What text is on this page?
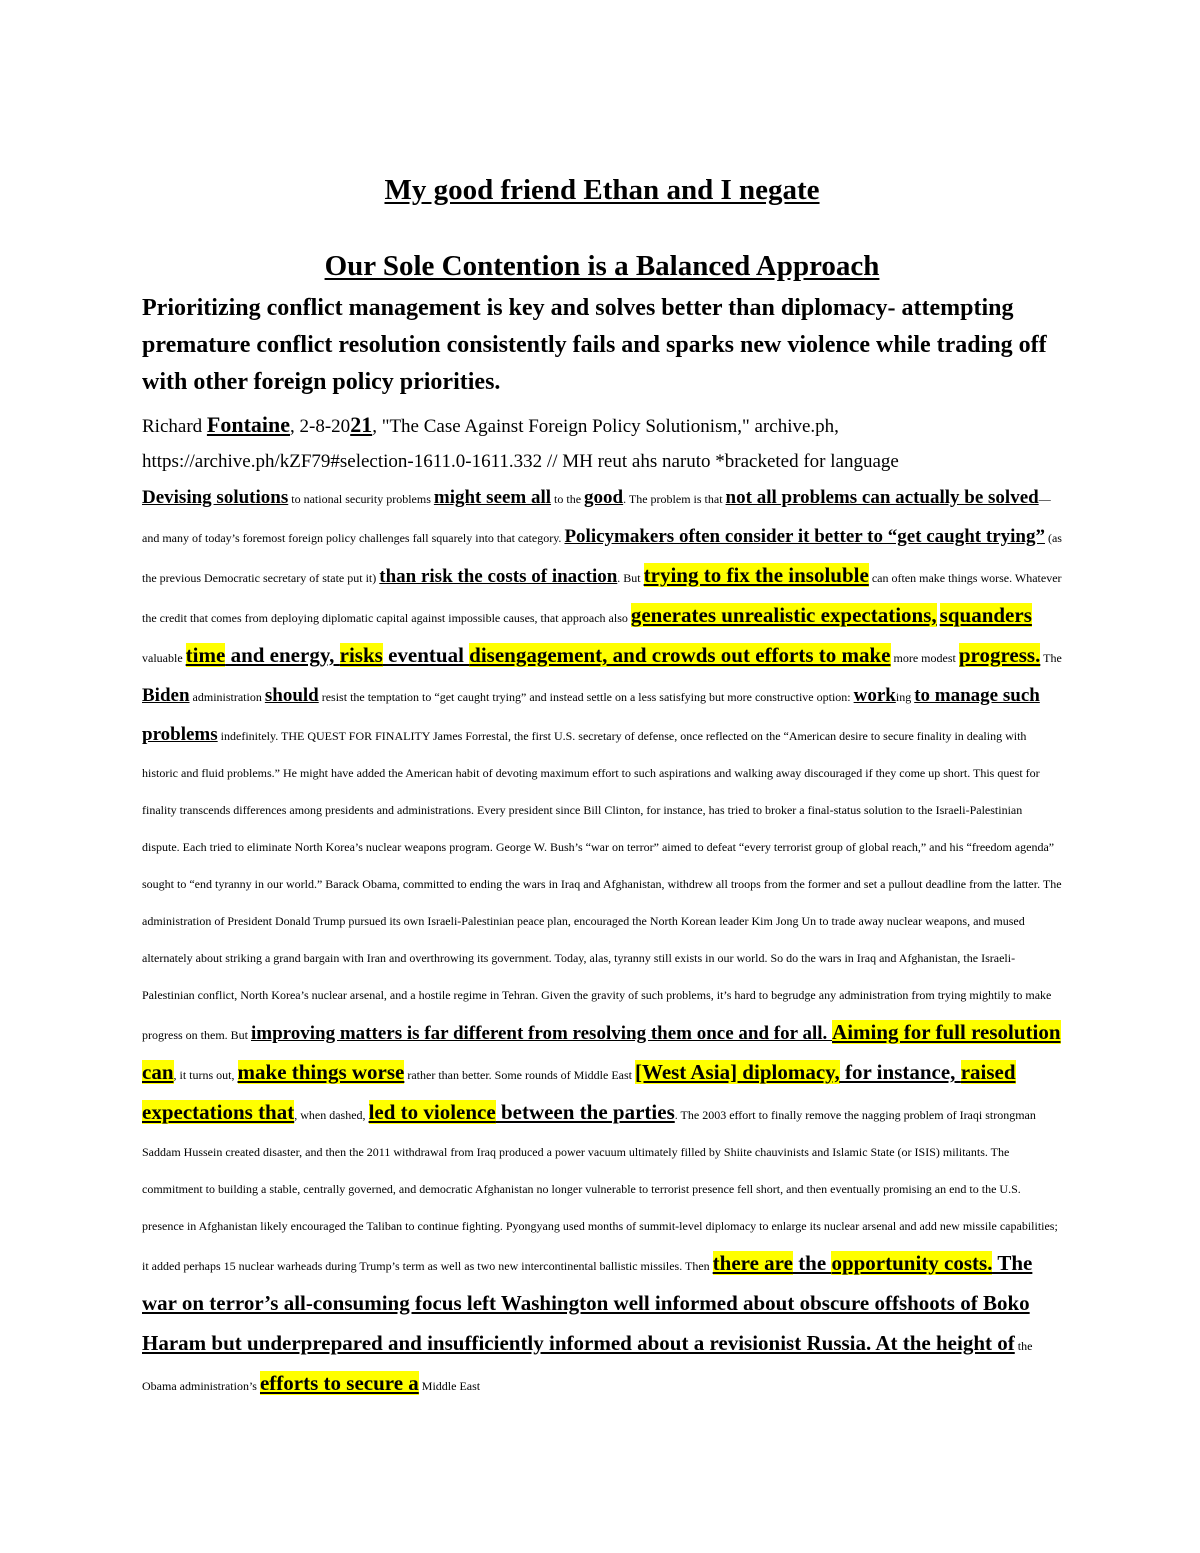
My good friend Ethan and I negate
Our Sole Contention is a Balanced Approach

Prioritizing conflict management is key and solves better than diplomacy- attempting premature conflict resolution consistently fails and sparks new violence while trading off with other foreign policy priorities.

Richard Fontaine, 2-8-2021, "The Case Against Foreign Policy Solutionism," archive.ph, https://archive.ph/kZF79#selection-1611.0-1611.332 // MH reut ahs naruto *bracketed for language

Devising solutions to national security problems might seem all to the good. The problem is that not all problems can actually be solved—and many of today’s foremost foreign policy challenges fall squarely into that category. Policymakers often consider it better to “get caught trying” (as the previous Democratic secretary of state put it) than risk the costs of inaction. But trying to fix the insoluble can often make things worse. Whatever the credit that comes from deploying diplomatic capital against impossible causes, that approach also generates unrealistic expectations, squanders valuable time and energy, risks eventual disengagement, and crowds out efforts to make more modest progress. The Biden administration should resist the temptation to “get caught trying” and instead settle on a less satisfying but more constructive option: working to manage such problems indefinitely. THE QUEST FOR FINALITY James Forrestal, the first U.S. secretary of defense, once reflected on the “American desire to secure finality in dealing with historic and fluid problems.” He might have added the American habit of devoting maximum effort to such aspirations and walking away discouraged if they come up short. This quest for finality transcends differences among presidents and administrations. Every president since Bill Clinton, for instance, has tried to broker a final-status solution to the Israeli-Palestinian dispute. Each tried to eliminate North Korea’s nuclear weapons program. George W. Bush’s “war on terror” aimed to defeat “every terrorist group of global reach,” and his “freedom agenda” sought to “end tyranny in our world.” Barack Obama, committed to ending the wars in Iraq and Afghanistan, withdrew all troops from the former and set a pullout deadline from the latter. The administration of President Donald Trump pursued its own Israeli-Palestinian peace plan, encouraged the North Korean leader Kim Jong Un to trade away nuclear weapons, and mused alternately about striking a grand bargain with Iran and overthrowing its government. Today, alas, tyranny still exists in our world. So do the wars in Iraq and Afghanistan, the Israeli-Palestinian conflict, North Korea’s nuclear arsenal, and a hostile regime in Tehran. Given the gravity of such problems, it’s hard to begrudge any administration from trying mightily to make progress on them. But improving matters is far different from resolving them once and for all. Aiming for full resolution can, it turns out, make things worse rather than better. Some rounds of Middle East [West Asia] diplomacy, for instance, raised expectations that, when dashed, led to violence between the parties. The 2003 effort to finally remove the nagging problem of Iraqi strongman Saddam Hussein created disaster, and then the 2011 withdrawal from Iraq produced a power vacuum ultimately filled by Shiite chauvinists and Islamic State (or ISIS) militants. The commitment to building a stable, centrally governed, and democratic Afghanistan no longer vulnerable to terrorist presence fell short, and then eventually promising an end to the U.S. presence in Afghanistan likely encouraged the Taliban to continue fighting. Pyongyang used months of summit-level diplomacy to enlarge its nuclear arsenal and add new missile capabilities; it added perhaps 15 nuclear warheads during Trump’s term as well as two new intercontinental ballistic missiles. Then there are the opportunity costs. The war on terror’s all-consuming focus left Washington well informed about obscure offshoots of Boko Haram but underprepared and insufficiently informed about a revisionist Russia. At the height of the Obama administration’s efforts to secure a Middle East
